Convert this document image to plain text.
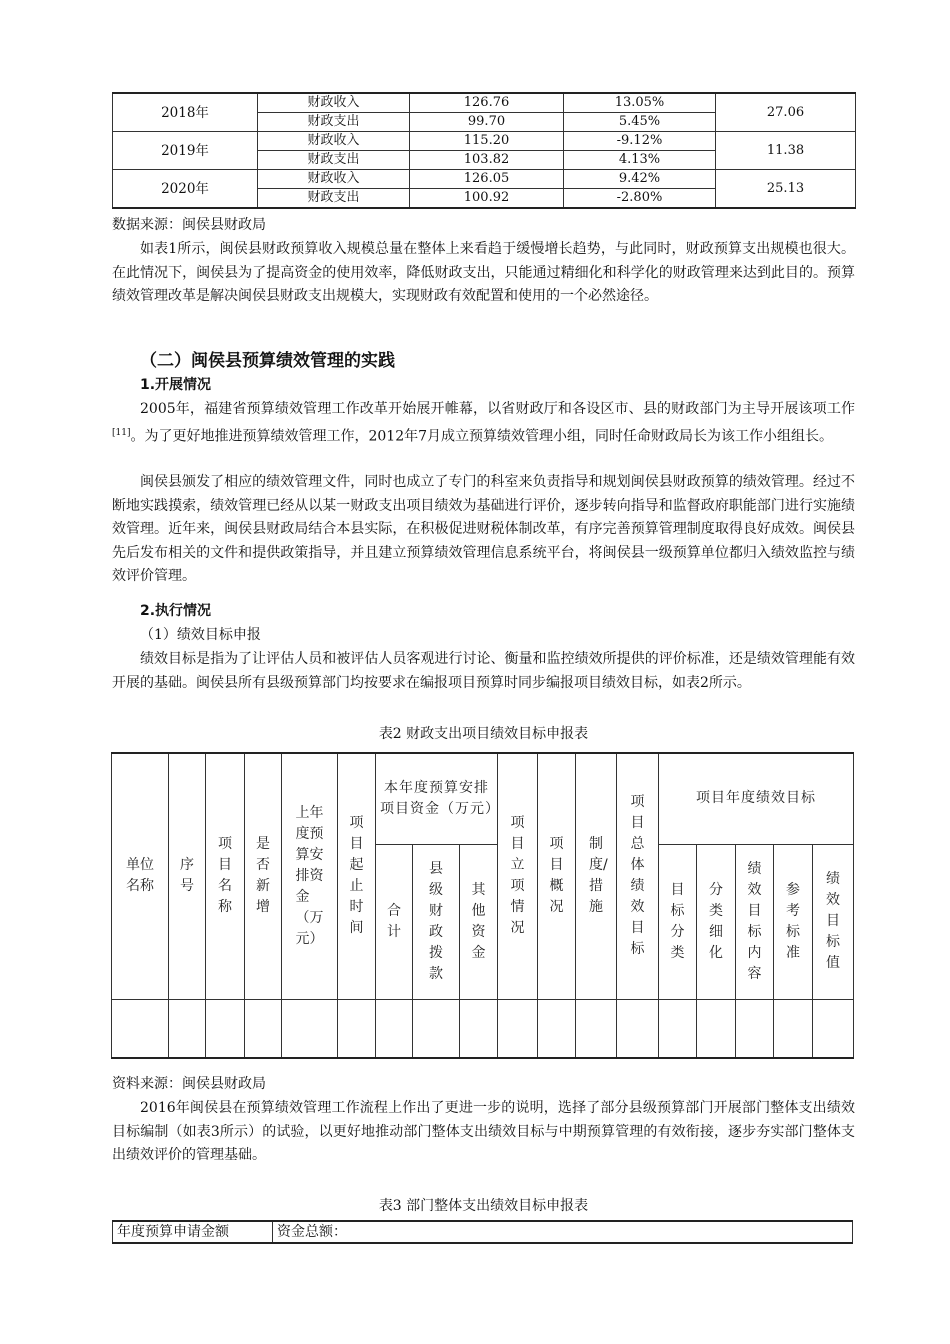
2018年	财政收入	126.76	13.05%	27.06
	财政支出	99.70	5.45%	
2019年	财政收入	115.20	-9.12%	11.38
	财政支出	103.82	4.13%	
2020年	财政收入	126.05	9.42%	25.13
	财政支出	100.92	-2.80%	
数据来源：闽侯县财政局
如表1所示，闽侯县财政预算收入规模总量在整体上来看趋于缓慢增长趋势，与此同时，财政预算支出规模也很大。在此情况下，闽侯县为了提高资金的使用效率，降低财政支出，只能通过精细化和科学化的财政管理来达到此目的。预算绩效管理改革是解决闽侯县财政支出规模大，实现财政有效配置和使用的一个必然途径。
（二）闽侯县预算绩效管理的实践
1.开展情况
2005年，福建省预算绩效管理工作改革开始展开帷幕，以省财政厅和各设区市、县的财政部门为主导开展该项工作[11]。为了更好地推进预算绩效管理工作，2012年7月成立预算绩效管理小组，同时任命财政局长为该工作小组组长。
闽侯县颁发了相应的绩效管理文件，同时也成立了专门的科室来负责指导和规划闽侯县财政预算的绩效管理。经过不断地实践摸索，绩效管理已经从以某一财政支出项目绩效为基础进行评价，逐步转向指导和监督政府职能部门进行实施绩效管理。近年来，闽侯县财政局结合本县实际，在积极促进财税体制改革，有序完善预算管理制度取得良好成效。闽侯县先后发布相关的文件和提供政策指导，并且建立预算绩效管理信息系统平台，将闽侯县一级预算单位都归入绩效监控与绩效评价管理。
2.执行情况
（1）绩效目标申报
绩效目标是指为了让评估人员和被评估人员客观进行讨论、衡量和监控绩效所提供的评价标准，还是绩效管理能有效开展的基础。闽侯县所有县级预算部门均按要求在编报项目预算时同步编报项目绩效目标，如表2所示。
表2 财政支出项目绩效目标申报表
单位名称	序号	项目名称	是否新增	上年度预算安排资金（万元）	项目起止时间	本年度预算安排项目资金（万元）			项目立项情况	项目概况	制度/措施	项目总体绩效目标	项目年度绩效目标				
						合计	县级财政拨款	其他资金					目标分类	分类细化	绩效目标内容	参考标准	绩效目标值

资料来源：闽侯县财政局
2016年闽侯县在预算绩效管理工作流程上作出了更进一步的说明，选择了部分县级预算部门开展部门整体支出绩效目标编制（如表3所示）的试验，以更好地推动部门整体支出绩效目标与中期预算管理的有效衔接，逐步夯实部门整体支出绩效评价的管理基础。
表3 部门整体支出绩效目标申报表
年度预算申请金额	资金总额：
